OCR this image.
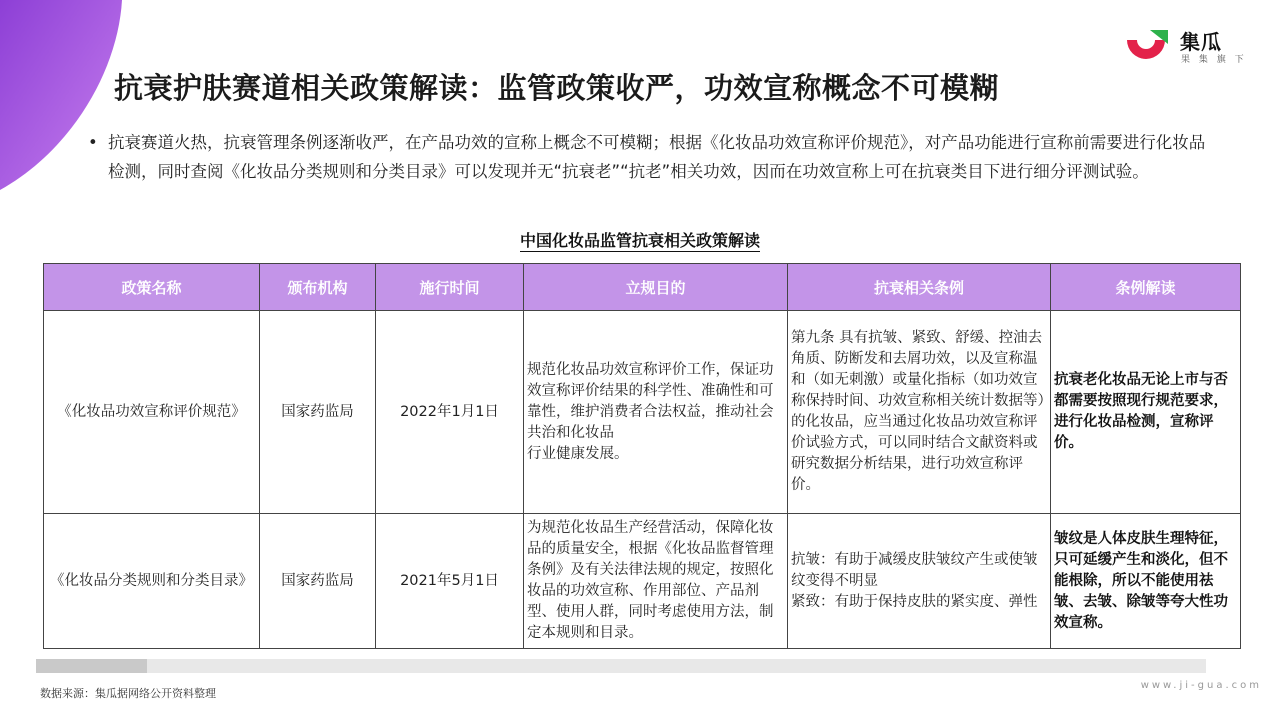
集瓜
果 集 旗 下
抗衰护肤赛道相关政策解读：监管政策收严，功效宣称概念不可模糊
• 抗衰赛道火热，抗衰管理条例逐渐收严，在产品功效的宣称上概念不可模糊；根据《化妆品功效宣称评价规范》，对产品功能进行宣称前需要进行化妆品检测，同时查阅《化妆品分类规则和分类目录》可以发现并无“抗衰老”“抗老”相关功效，因而在功效宣称上可在抗衰类目下进行细分评测试验。
中国化妆品监管抗衰相关政策解读
政策名称	颁布机构	施行时间	立规目的	抗衰相关条例	条例解读
《化妆品功效宣称评价规范》	国家药监局	2022年1月1日	规范化妆品功效宣称评价工作，保证功效宣称评价结果的科学性、准确性和可靠性，维护消费者合法权益，推动社会共治和化妆品
行业健康发展。	第九条 具有抗皱、紧致、舒缓、控油去角质、防断发和去屑功效，以及宣称温和（如无刺激）或量化指标（如功效宣称保持时间、功效宣称相关统计数据等）的化妆品，应当通过化妆品功效宣称评价试验方式，可以同时结合文献资料或研究数据分析结果，进行功效宣称评价。	抗衰老化妆品无论上市与否都需要按照现行规范要求，进行化妆品检测，宣称评价。
《化妆品分类规则和分类目录》	国家药监局	2021年5月1日	为规范化妆品生产经营活动，保障化妆品的质量安全，根据《化妆品监督管理条例》及有关法律法规的规定，按照化妆品的功效宣称、作用部位、产品剂型、使用人群，同时考虑使用方法，制定本规则和目录。	抗皱：有助于减缓皮肤皱纹产生或使皱纹变得不明显
紧致：有助于保持皮肤的紧实度、弹性	皱纹是人体皮肤生理特征，只可延缓产生和淡化，但不能根除，所以不能使用祛皱、去皱、除皱等夸大性功效宣称。
数据来源：集瓜据网络公开资料整理
www.ji-gua.com
